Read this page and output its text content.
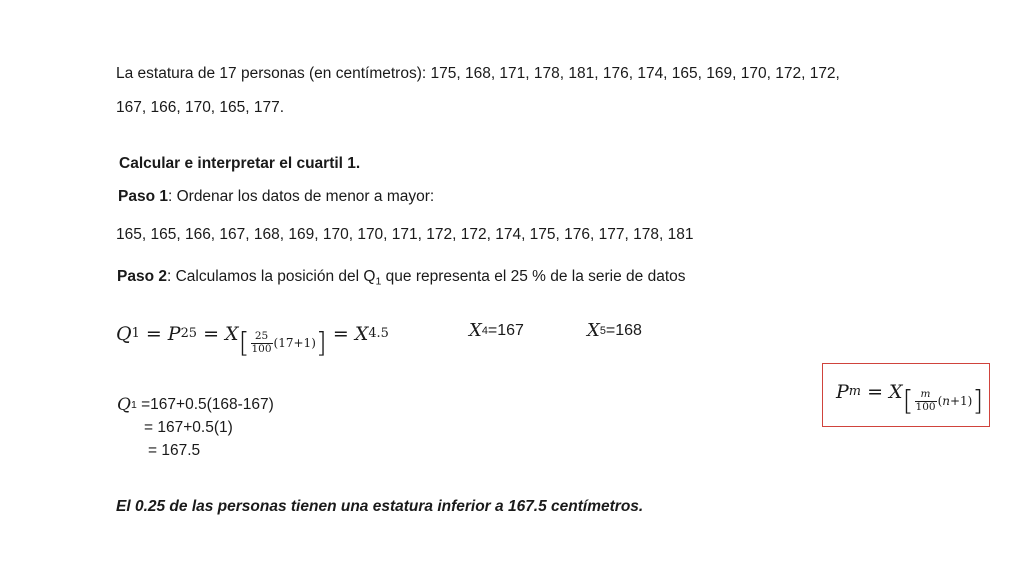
La estatura de 17 personas (en centímetros): 175, 168, 171, 178, 181, 176, 174, 165, 169, 170, 172, 172,
167, 166, 170, 165, 177.
Calcular e interpretar el cuartil 1.
Paso 1: Ordenar los datos de menor a mayor:
165, 165, 166, 167, 168, 169, 170, 170, 171, 172, 172, 174, 175, 176, 177, 178, 181
Paso 2: Calculamos la posición del $Q_1$ que representa el 25 % de la serie de datos
Q 1 = P 25 = X [ $\frac{25}{100} (17+1)$ ] = X 4.5	X 4 =167	X 5 =168
Q 1 =167+0.5(168-167)
= 167+0.5(1)
= 167.5
P m = X [ $\frac{m}{100}$ ( n +1) ]
El 0.25 de las personas tienen una estatura inferior a 167.5 centímetros.
